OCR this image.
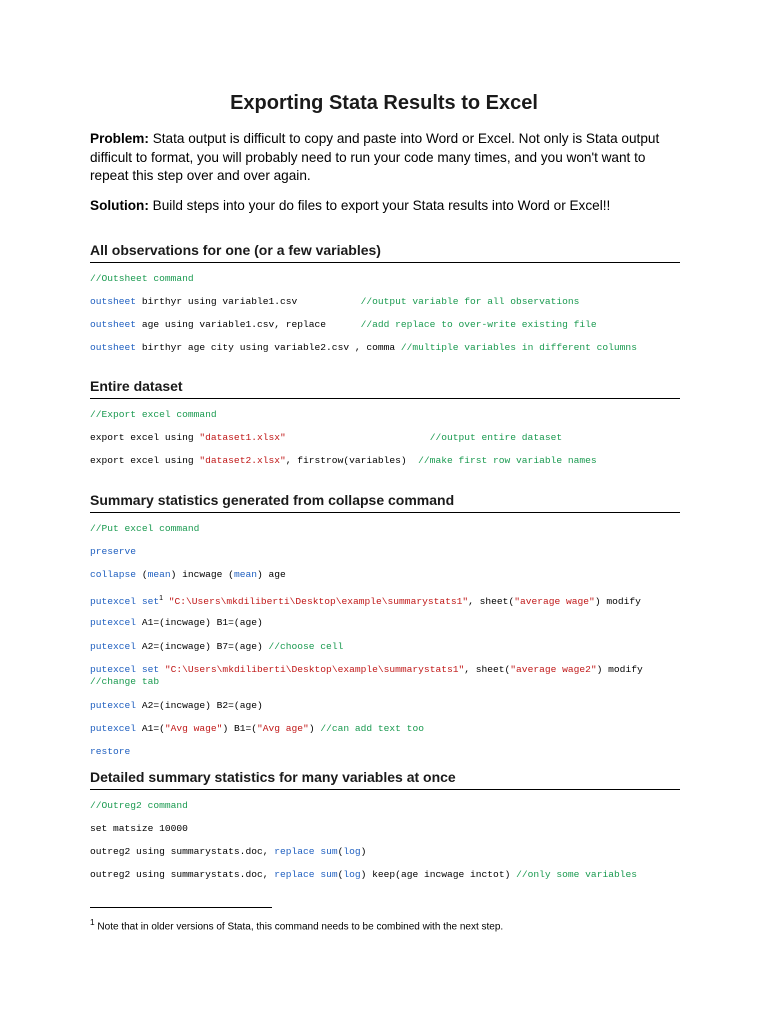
Exporting Stata Results to Excel

Problem: Stata output is difficult to copy and paste into Word or Excel. Not only is Stata output difficult to format, you will probably need to run your code many times, and you won't want to repeat this step over and over again.

Solution: Build steps into your do files to export your Stata results into Word or Excel!!

All observations for one (or a few variables)
//Outsheet command
outsheet birthyr using variable1.csv           //output variable for all observations
outsheet age using variable1.csv, replace      //add replace to over-write existing file
outsheet birthyr age city using variable2.csv , comma //multiple variables in different columns
Entire dataset
//Export excel command
export excel using "dataset1.xlsx"	//output entire dataset
export excel using "dataset2.xlsx", firstrow(variables)  //make first row variable names
Summary statistics generated from collapse command
//Put excel command
preserve
collapse (mean) incwage (mean) age
putexcel set$^1$ "C:\Users\mkdiliberti\Desktop\example\summarystats1", sheet("average wage") modify
putexcel A1=(incwage) B1=(age)
putexcel A2=(incwage) B7=(age) //choose cell
putexcel set "C:\Users\mkdiliberti\Desktop\example\summarystats1", sheet("average wage2") modify
//change tab
putexcel A2=(incwage) B2=(age)
putexcel A1=("Avg wage") B1=("Avg age") //can add text too
restore
Detailed summary statistics for many variables at once
//Outreg2 command
set matsize 10000
outreg2 using summarystats.doc, replace sum(log)
outreg2 using summarystats.doc, replace sum(log) keep(age incwage inctot) //only some variables

$^1$ Note that in older versions of Stata, this command needs to be combined with the next step.
